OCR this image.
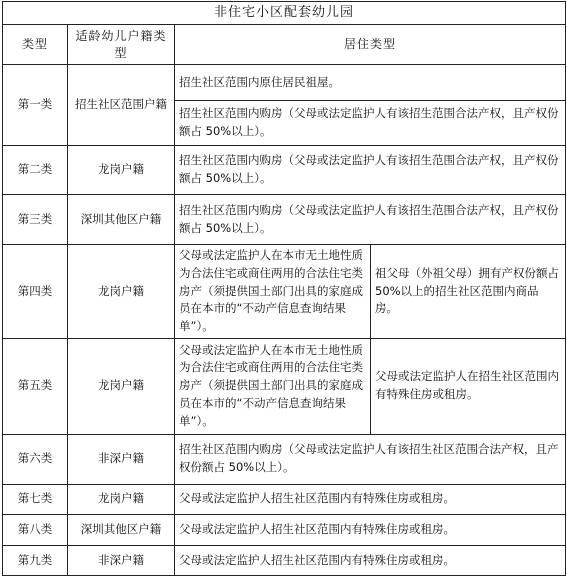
非住宅小区配套幼儿园			
类型	适龄幼儿户籍类型	居住类型	
第一类	招生社区范围户籍	招生社区范围内原住居民祖屋。	
		招生社区范围内购房（父母或法定监护人有该招生范围合法产权，且产权份额占 50%以上）。	
第二类	龙岗户籍	招生社区范围内购房（父母或法定监护人有该招生范围合法产权，且产权份额占 50%以上）。	
第三类	深圳其他区户籍	招生社区范围内购房（父母或法定监护人有该招生范围合法产权，且产权份额占 50%以上）。	
第四类	龙岗户籍	父母或法定监护人在本市无土地性质为合法住宅或商住两用的合法住宅类房产（须提供国土部门出具的家庭成员在本市的“不动产信息查询结果单”）。	祖父母（外祖父母）拥有产权份额占 50%以上的招生社区范围内商品房。
第五类	龙岗户籍	父母或法定监护人在本市无土地性质为合法住宅或商住两用的合法住宅类房产（须提供国土部门出具的家庭成员在本市的“不动产信息查询结果单”）。	父母或法定监护人在招生社区范围内有特殊住房或租房。
第六类	非深户籍	招生社区范围内购房（父母或法定监护人有该招生社区范围合法产权，且产权份额占 50%以上）。	
第七类	龙岗户籍	父母或法定监护人招生社区范围内有特殊住房或租房。	
第八类	深圳其他区户籍	父母或法定监护人招生社区范围内有特殊住房或租房。	
第九类	非深户籍	父母或法定监护人招生社区范围内有特殊住房或租房。	
